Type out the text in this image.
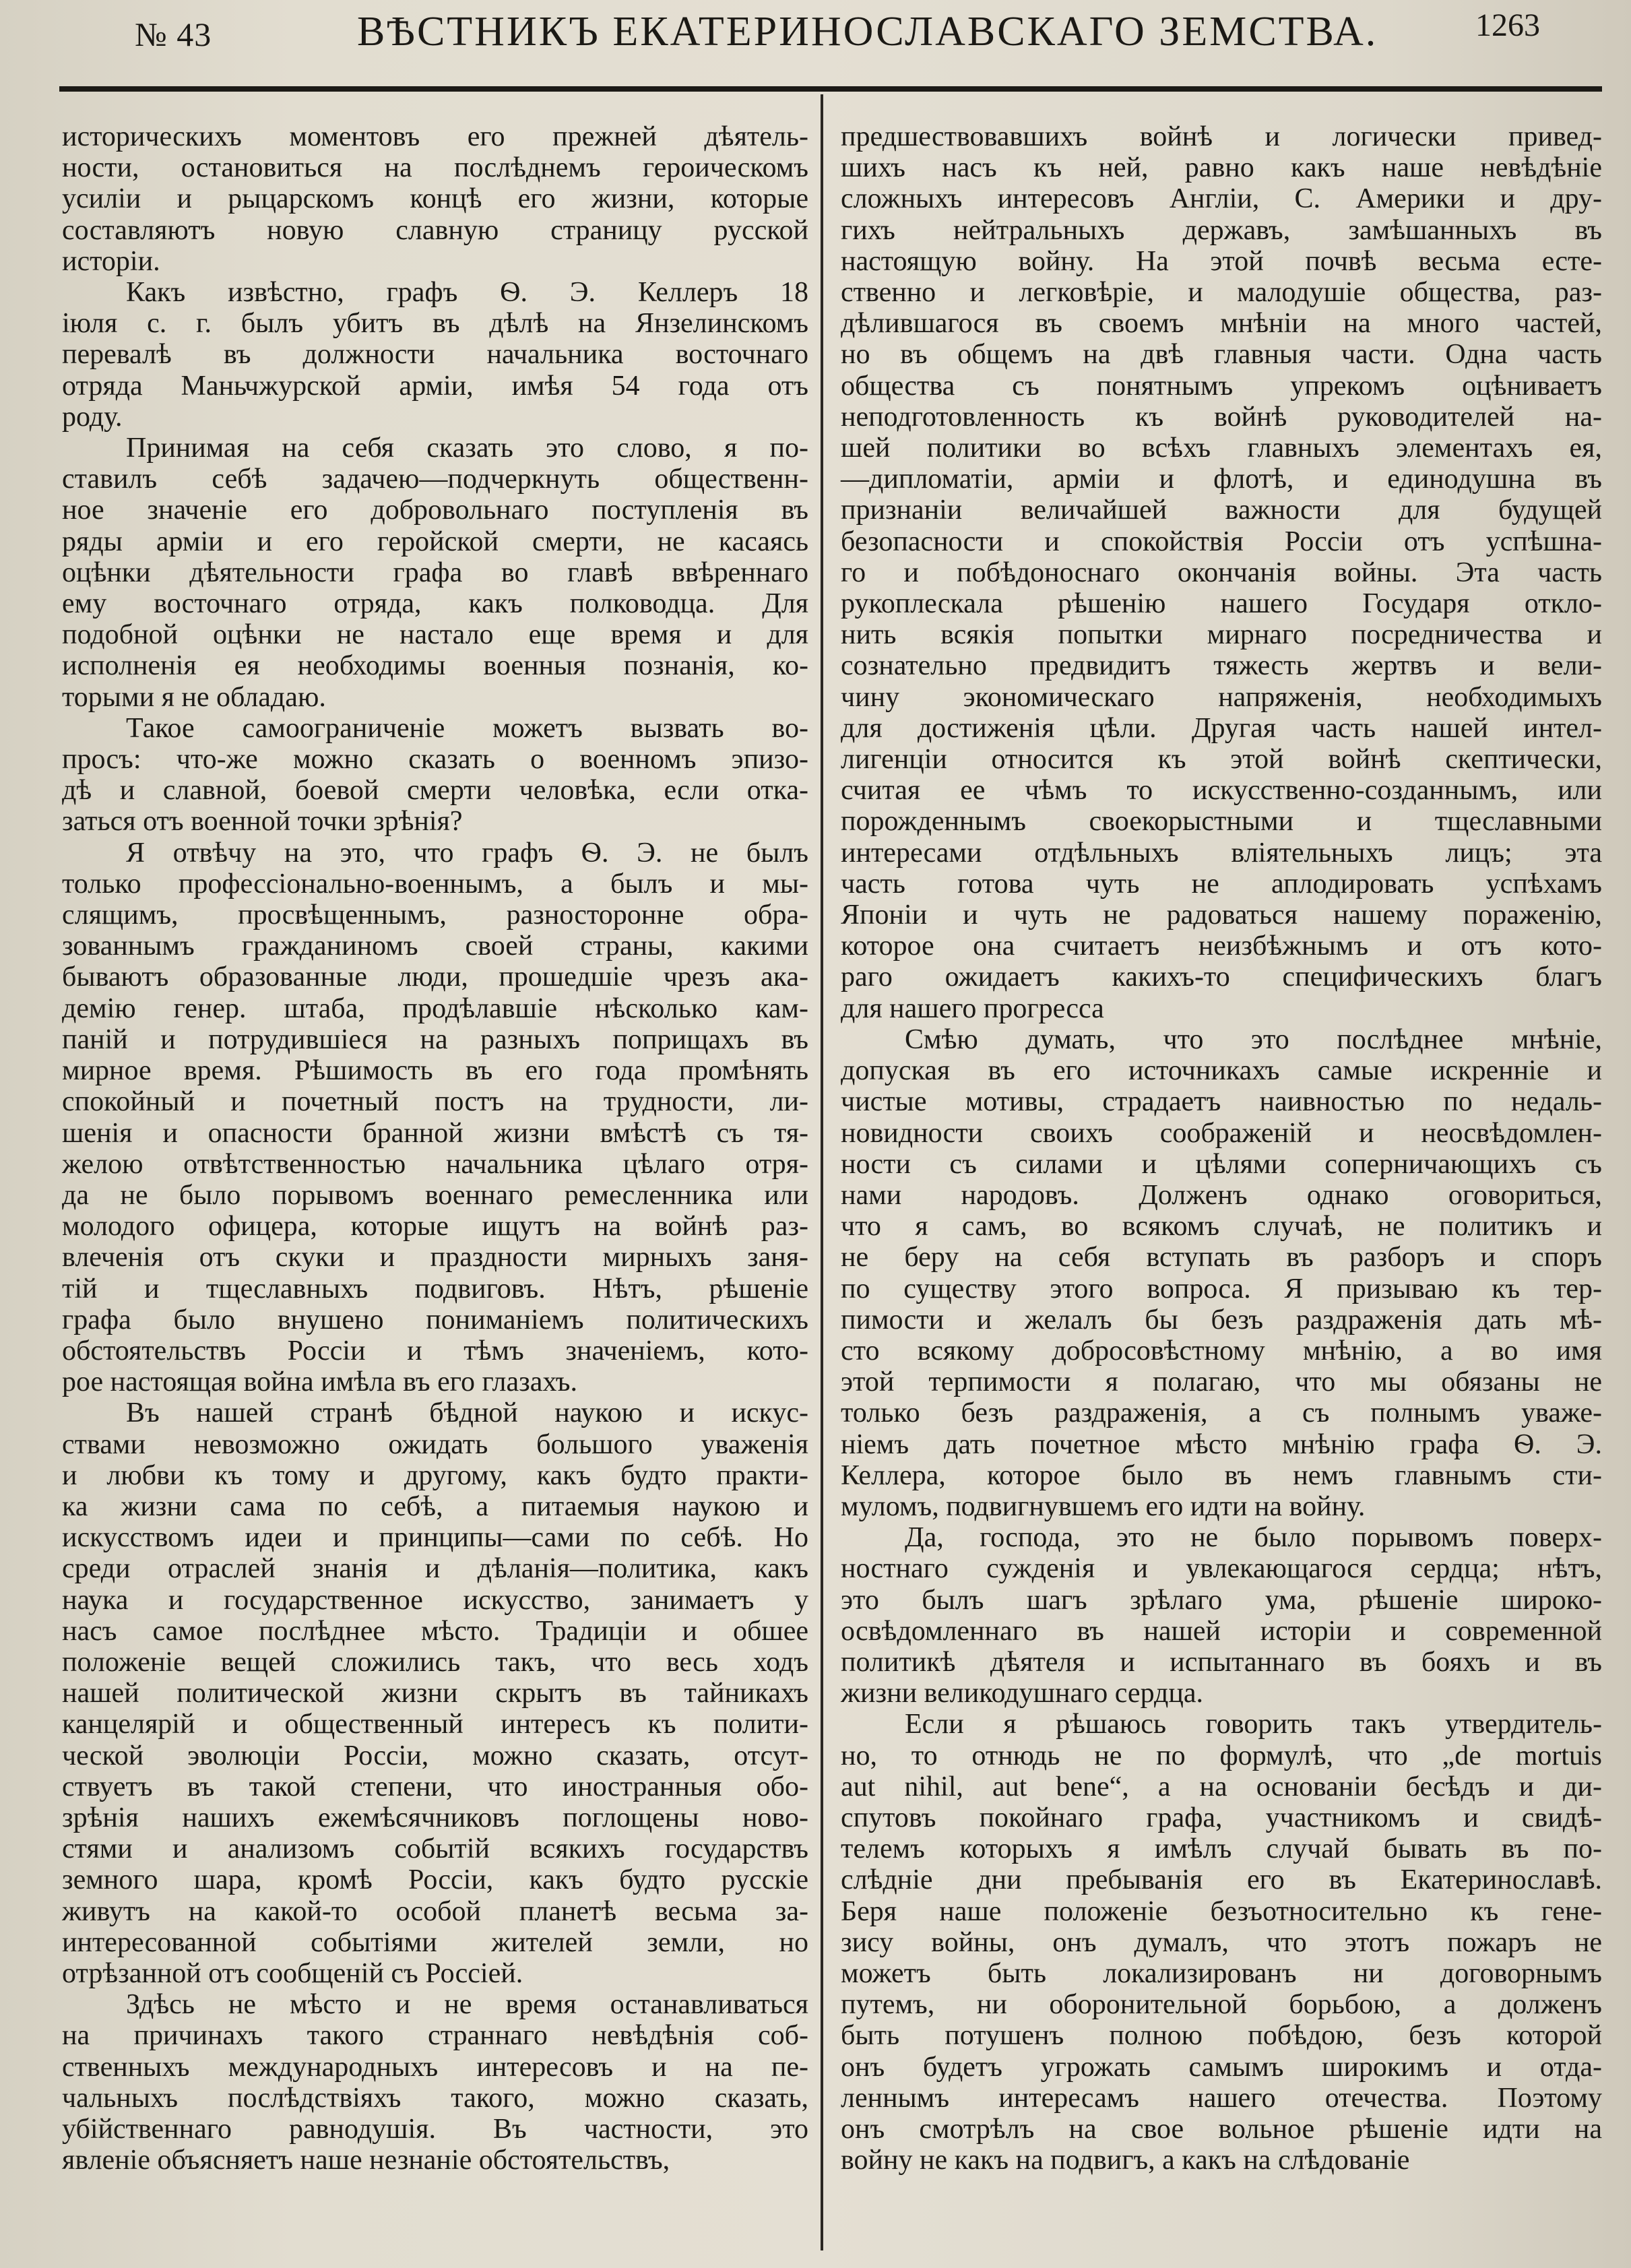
№ 43	ВѢСТНИКЪ ЕКАТЕРИНОСЛАВСКАГО ЗЕМСТВА.	1263

историческихъ моментовъ его прежней дѣятель-

ности, остановиться на послѣднемъ героическомъ

усиліи и рыцарскомъ концѣ его жизни, которые

составляютъ новую славную страницу русской

исторіи.

Какъ извѣстно, графъ Ѳ. Э. Келлеръ 18

іюля с. г. былъ убитъ въ дѣлѣ на Янзелинскомъ

перевалѣ въ должности начальника восточнаго

отряда Маньчжурской арміи, имѣя 54 года отъ

роду.

Принимая на себя сказать это слово, я по-

ставилъ себѣ задачею—подчеркнуть общественн-

ное значеніе его добровольнаго поступленія въ

ряды арміи и его геройской смерти, не касаясь

оцѣнки дѣятельности графа во главѣ ввѣреннаго

ему восточнаго отряда, какъ полководца. Для

подобной оцѣнки не настало еще время и для

исполненія ея необходимы военныя познанія, ко-

торыми я не обладаю.

Такое самоограниченіе можетъ вызвать во-

просъ: что-же можно сказать о военномъ эпизо-

дѣ и славной, боевой смерти человѣка, если отка-

заться отъ военной точки зрѣнія?

Я отвѣчу на это, что графъ Ѳ. Э. не былъ

только профессіонально-военнымъ, а былъ и мы-

слящимъ, просвѣщеннымъ, разносторонне обра-

зованнымъ гражданиномъ своей страны, какими

бываютъ образованные люди, прошедшіе чрезъ ака-

демію генер. штаба, продѣлавшіе нѣсколько кам-

паній и потрудившіеся на разныхъ поприщахъ въ

мирное время. Рѣшимость въ его года промѣнять

спокойный и почетный постъ на трудности, ли-

шенія и опасности бранной жизни вмѣстѣ съ тя-

желою отвѣтственностью начальника цѣлаго отря-

да не было порывомъ военнаго ремесленника или

молодого офицера, которые ищутъ на войнѣ раз-

влеченія отъ скуки и праздности мирныхъ заня-

тій и тщеславныхъ подвиговъ. Нѣтъ, рѣшеніе

графа было внушено пониманіемъ политическихъ

обстоятельствъ Россіи и тѣмъ значеніемъ, кото-

рое настоящая война имѣла въ его глазахъ.

Въ нашей странѣ бѣдной наукою и искус-

ствами невозможно ожидать большого уваженія

и любви къ тому и другому, какъ будто практи-

ка жизни сама по себѣ, а питаемыя наукою и

искусствомъ идеи и принципы—сами по себѣ. Но

среди отраслей знанія и дѣланія—политика, какъ

наука и государственное искусство, занимаетъ у

насъ самое послѣднее мѣсто. Традиціи и обшее

положеніе вещей сложились такъ, что весь ходъ

нашей политической жизни скрытъ въ тайникахъ

канцелярій и общественный интересъ къ полити-

ческой эволюціи Россіи, можно сказать, отсут-

ствуетъ въ такой степени, что иностранныя обо-

зрѣнія нашихъ ежемѣсячниковъ поглощены ново-

стями и анализомъ событій всякихъ государствъ

земного шара, кромѣ Россіи, какъ будто русскіе

живутъ на какой-то особой планетѣ весьма за-

интересованной событіями жителей земли, но

отрѣзанной отъ сообщеній съ Россіей.

Здѣсь не мѣсто и не время останавливаться

на причинахъ такого страннаго невѣдѣнія соб-

ственныхъ международныхъ интересовъ и на пе-

чальныхъ послѣдствіяхъ такого, можно сказать,

убійственнаго равнодушія. Въ частности, это

явленіе объясняетъ наше незнаніе обстоятельствъ,

предшествовавшихъ войнѣ и логически привед-

шихъ насъ къ ней, равно какъ наше невѣдѣніе

сложныхъ интересовъ Англіи, С. Америки и дру-

гихъ нейтральныхъ державъ, замѣшанныхъ въ

настоящую войну. На этой почвѣ весьма есте-

ственно и легковѣріе, и малодушіе общества, раз-

дѣлившагося въ своемъ мнѣніи на много частей,

но въ общемъ на двѣ главныя части. Одна часть

общества съ понятнымъ упрекомъ оцѣниваетъ

неподготовленность къ войнѣ руководителей на-

шей политики во всѣхъ главныхъ элементахъ ея,

—дипломатіи, арміи и флотѣ, и единодушна въ

признаніи величайшей важности для будущей

безопасности и спокойствія Россіи отъ успѣшна-

го и побѣдоноснаго окончанія войны. Эта часть

рукоплескала рѣшенію нашего Государя откло-

нить всякія попытки мирнаго посредничества и

сознательно предвидитъ тяжесть жертвъ и вели-

чину экономическаго напряженія, необходимыхъ

для достиженія цѣли. Другая часть нашей интел-

лигенціи относится къ этой войнѣ скептически,

считая ее чѣмъ то искусственно-созданнымъ, или

порожденнымъ своекорыстными и тщеславными

интересами отдѣльныхъ вліятельныхъ лицъ; эта

часть готова чуть не аплодировать успѣхамъ

Японіи и чуть не радоваться нашему пораженію,

которое она считаетъ неизбѣжнымъ и отъ кото-

раго ожидаетъ какихъ-то специфическихъ благъ

для нашего прогресса

Смѣю думать, что это послѣднее мнѣніе,

допуская въ его источникахъ самые искренніе и

чистые мотивы, страдаетъ наивностью по недаль-

новидности своихъ соображеній и неосвѣдомлен-

ности съ силами и цѣлями соперничающихъ съ

нами народовъ. Долженъ однако оговориться,

что я самъ, во всякомъ случаѣ, не политикъ и

не беру на себя вступать въ разборъ и споръ

по существу этого вопроса. Я призываю къ тер-

пимости и желалъ бы безъ раздраженія дать мѣ-

сто всякому добросовѣстному мнѣнію, а во имя

этой терпимости я полагаю, что мы обязаны не

только безъ раздраженія, а съ полнымъ уваже-

ніемъ дать почетное мѣсто мнѣнію графа Ѳ. Э.

Келлера, которое было въ немъ главнымъ сти-

муломъ, подвигнувшемъ его идти на войну.

Да, господа, это не было порывомъ поверх-

ностнаго сужденія и увлекающагося сердца; нѣтъ,

это былъ шагъ зрѣлаго ума, рѣшеніе широко-

освѣдомленнаго въ нашей исторіи и современной

политикѣ дѣятеля и испытаннаго въ бояхъ и въ

жизни великодушнаго сердца.

Если я рѣшаюсь говорить такъ утвердитель-

но, то отнюдь не по формулѣ, что „de mortuis

aut nihil, aut bene“, а на основаніи бесѣдъ и ди-

спутовъ покойнаго графа, участникомъ и свидѣ-

телемъ которыхъ я имѣлъ случай бывать въ по-

слѣдніе дни пребыванія его въ Екатеринославѣ.

Беря наше положеніе безъотносительно къ гене-

зису войны, онъ думалъ, что этотъ пожаръ не

можетъ быть локализированъ ни договорнымъ

путемъ, ни оборонительной борьбою, а долженъ

быть потушенъ полною побѣдою, безъ которой

онъ будетъ угрожать самымъ широкимъ и отда-

леннымъ интересамъ нашего отечества. Поэтому

онъ смотрѣлъ на свое вольное рѣшеніе идти на

войну не какъ на подвигъ, а какъ на слѣдованіе
